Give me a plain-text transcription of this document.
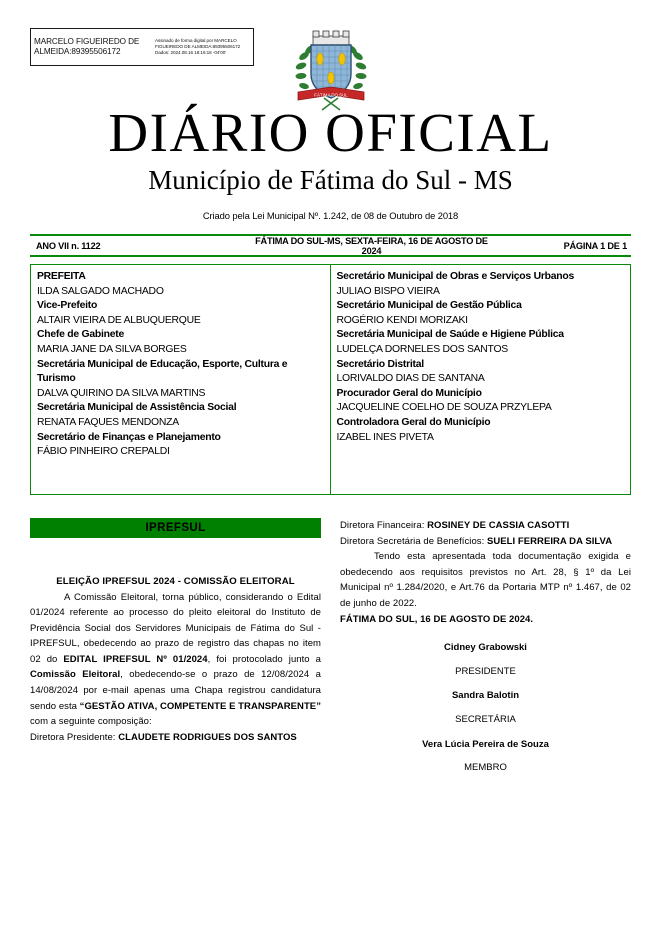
MARCELO FIGUEIREDO DE
ALMEIDA:89395506172
Assinado de forma digital por MARCELO
FIGUEIREDO DE ALMEIDA:89395506172
Dados: 2024.08.16 18:16:18 -04'00'
FÁTIMA DO SUL
DIÁRIO OFICIAL
Município de Fátima do Sul - MS
Criado pela Lei Municipal Nº. 1.242, de 08 de Outubro de 2018
ANO VII n. 1122	FÁTIMA DO SUL-MS, SEXTA-FEIRA, 16 DE AGOSTO DE 2024	PÁGINA 1 DE 1
PREFEITA
ILDA SALGADO MACHADO
Vice-Prefeito
ALTAIR VIEIRA DE ALBUQUERQUE
Chefe de Gabinete
MARIA JANE DA SILVA BORGES
Secretária Municipal de Educação, Esporte, Cultura e Turismo
DALVA QUIRINO DA SILVA MARTINS
Secretária Municipal de Assistência Social
RENATA FAQUES MENDONZA
Secretário de Finanças e Planejamento
FÁBIO PINHEIRO CREPALDI
Secretário Municipal de Obras e Serviços Urbanos
JULIAO BISPO VIEIRA
Secretário Municipal de Gestão Pública
ROGÉRIO KENDI MORIZAKI
Secretária Municipal de Saúde e Higiene Pública
LUDELÇA DORNELES DOS SANTOS
Secretário Distrital
LORIVALDO DIAS DE SANTANA
Procurador Geral do Município
JACQUELINE COELHO DE SOUZA PRZYLEPA
Controladora Geral do Município
IZABEL INES PIVETA
IPREFSUL
ELEIÇÃO IPREFSUL 2024 - COMISSÃO ELEITORAL

A Comissão Eleitoral, torna público, considerando o Edital 01/2024 referente ao processo do pleito eleitoral do Instituto de Previdência Social dos Servidores Municipais de Fátima do Sul - IPREFSUL, obedecendo ao prazo de registro das chapas no item 02 do EDITAL IPREFSUL Nº 01/2024, foi protocolado junto a Comissão Eleitoral, obedecendo-se o prazo de 12/08/2024 a 14/08/2024 por e-mail apenas uma Chapa registrou candidatura sendo esta “GESTÃO ATIVA, COMPETENTE E TRANSPARENTE” com a seguinte composição:

Diretora Presidente: CLAUDETE RODRIGUES DOS SANTOS

Diretora Financeira: ROSINEY DE CASSIA CASOTTI

Diretora Secretária de Benefícios: SUELI FERREIRA DA SILVA

Tendo esta apresentada toda documentação exigida e obedecendo aos requisitos previstos no Art. 28, § 1º da Lei Municipal nº 1.284/2020, e Art.76 da Portaria MTP nº 1.467, de 02 de junho de 2022.

FÁTIMA DO SUL, 16 DE AGOSTO DE 2024.

Cidney Grabowski
PRESIDENTE
Sandra Balotin
SECRETÁRIA
Vera Lúcia Pereira de Souza
MEMBRO
